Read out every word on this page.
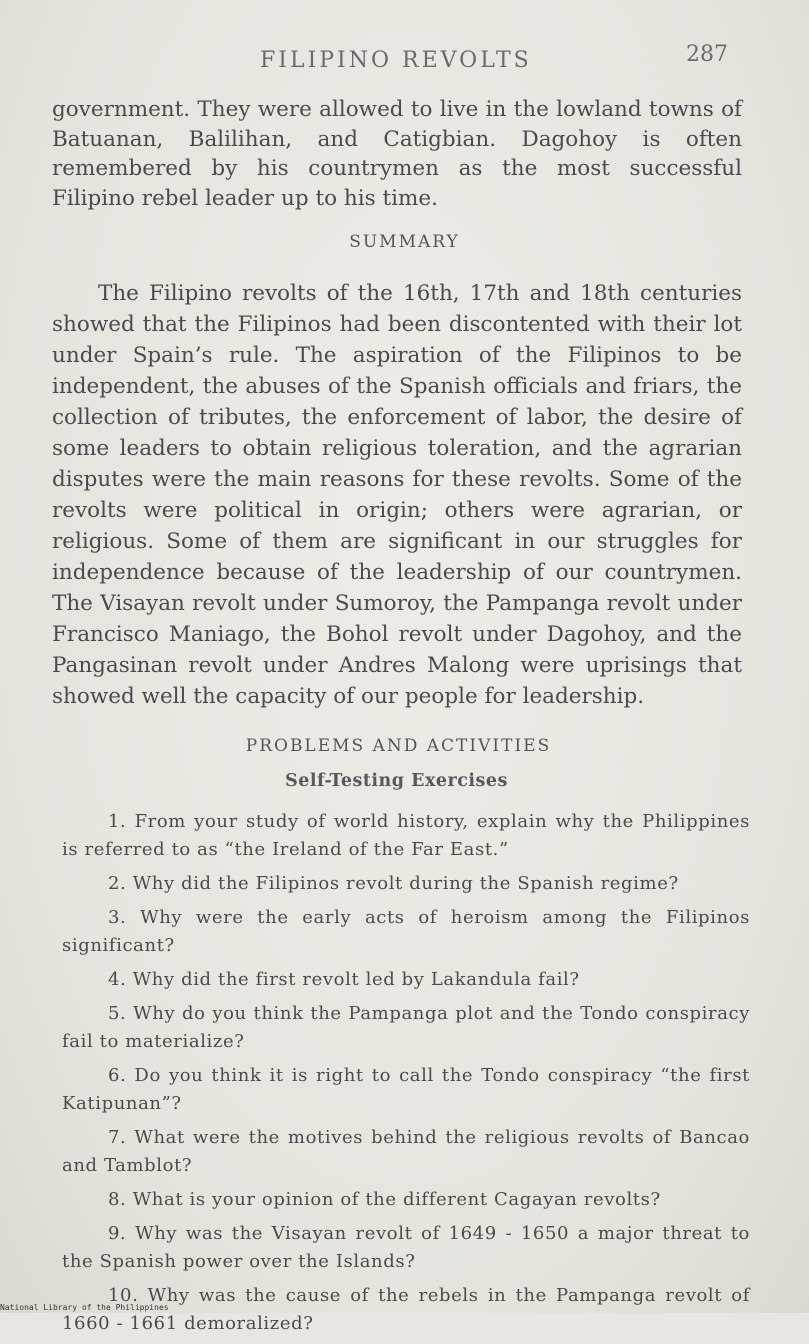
FILIPINO REVOLTS	287

government. They were allowed to live in the lowland towns of Batuanan, Balilihan, and Catigbian. Dagohoy is often remembered by his countrymen as the most successful Filipino rebel leader up to his time.

SUMMARY

The Filipino revolts of the 16th, 17th and 18th centuries showed that the Filipinos had been discontented with their lot under Spain’s rule. The aspiration of the Filipinos to be independent, the abuses of the Spanish officials and friars, the collection of tributes, the enforcement of labor, the desire of some leaders to obtain religious toleration, and the agrarian disputes were the main reasons for these revolts. Some of the revolts were political in origin; others were agrarian, or religious. Some of them are significant in our struggles for independence because of the leadership of our countrymen. The Visayan revolt under Sumoroy, the Pampanga revolt under Francisco Maniago, the Bohol revolt under Dagohoy, and the Pangasinan revolt under Andres Malong were uprisings that showed well the capacity of our people for leadership.

PROBLEMS AND ACTIVITIES
Self-Testing Exercises

1. From your study of world history, explain why the Philippines is referred to as “the Ireland of the Far East.”

2. Why did the Filipinos revolt during the Spanish regime?

3. Why were the early acts of heroism among the Filipinos significant?

4. Why did the first revolt led by Lakandula fail?

5. Why do you think the Pampanga plot and the Tondo conspiracy fail to materialize?

6. Do you think it is right to call the Tondo conspiracy “the first Katipunan”?

7. What were the motives behind the religious revolts of Bancao and Tamblot?

8. What is your opinion of the different Cagayan revolts?

9. Why was the Visayan revolt of 1649 - 1650 a major threat to the Spanish power over the Islands?

10. Why was the cause of the rebels in the Pampanga revolt of 1660 - 1661 demoralized?

National Library of the Philippines
